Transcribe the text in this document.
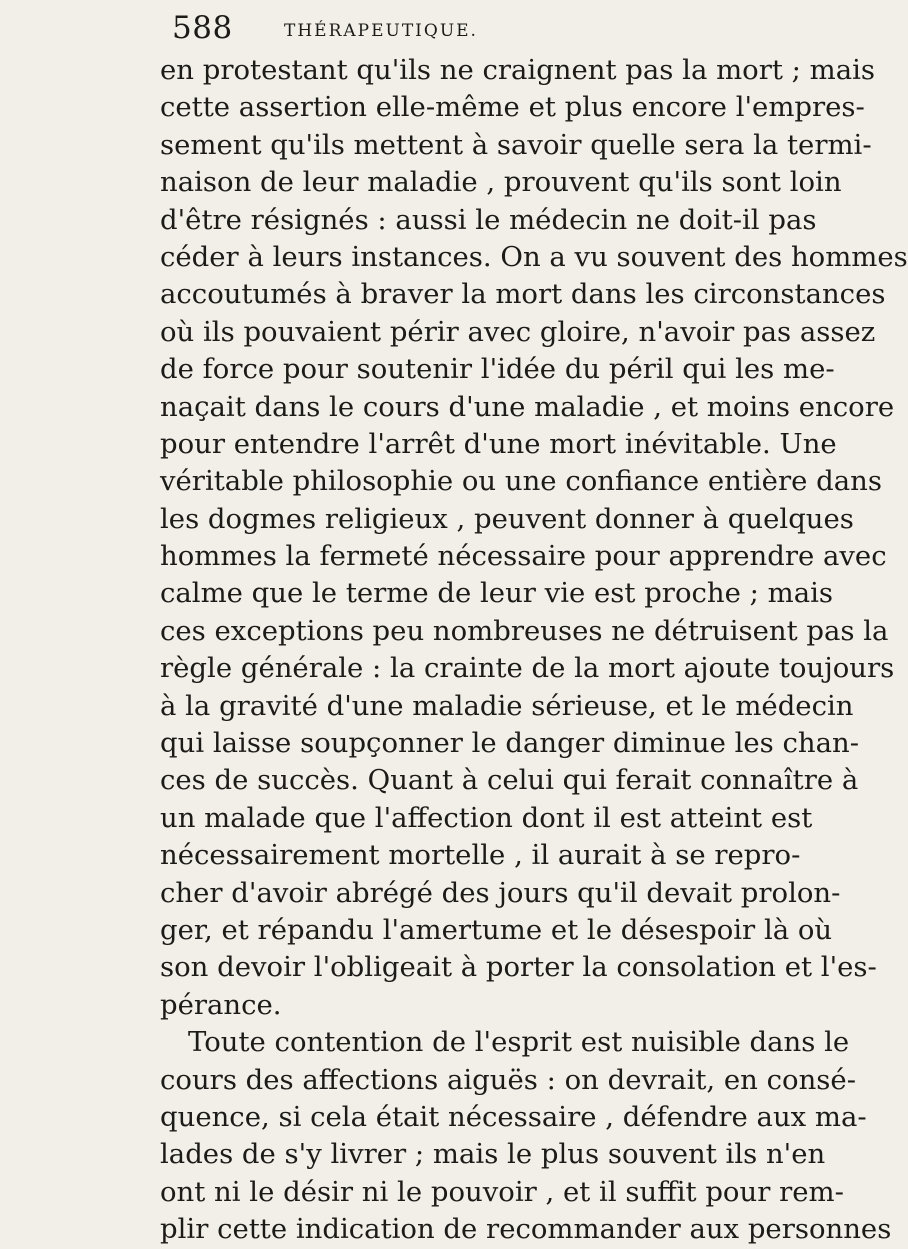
588	THÉRAPEUTIQUE.
en protestant qu'ils ne craignent pas la mort ; mais
cette assertion elle-même et plus encore l'empres-
sement qu'ils mettent à savoir quelle sera la termi-
naison de leur maladie , prouvent qu'ils sont loin
d'être résignés : aussi le médecin ne doit-il pas
céder à leurs instances. On a vu souvent des hommes
accoutumés à braver la mort dans les circonstances
où ils pouvaient périr avec gloire, n'avoir pas assez
de force pour soutenir l'idée du péril qui les me-
naçait dans le cours d'une maladie , et moins encore
pour entendre l'arrêt d'une mort inévitable. Une
véritable philosophie ou une confiance entière dans
les dogmes religieux , peuvent donner à quelques
hommes la fermeté nécessaire pour apprendre avec
calme que le terme de leur vie est proche ; mais
ces exceptions peu nombreuses ne détruisent pas la
règle générale : la crainte de la mort ajoute toujours
à la gravité d'une maladie sérieuse, et le médecin
qui laisse soupçonner le danger diminue les chan-
ces de succès. Quant à celui qui ferait connaître à
un malade que l'affection dont il est atteint est
nécessairement mortelle , il aurait à se repro-
cher d'avoir abrégé des jours qu'il devait prolon-
ger, et répandu l'amertume et le désespoir là où
son devoir l'obligeait à porter la consolation et l'es-
pérance.
Toute contention de l'esprit est nuisible dans le
cours des affections aiguës : on devrait, en consé-
quence, si cela était nécessaire , défendre aux ma-
lades de s'y livrer ; mais le plus souvent ils n'en
ont ni le désir ni le pouvoir , et il suffit pour rem-
plir cette indication de recommander aux personnes
